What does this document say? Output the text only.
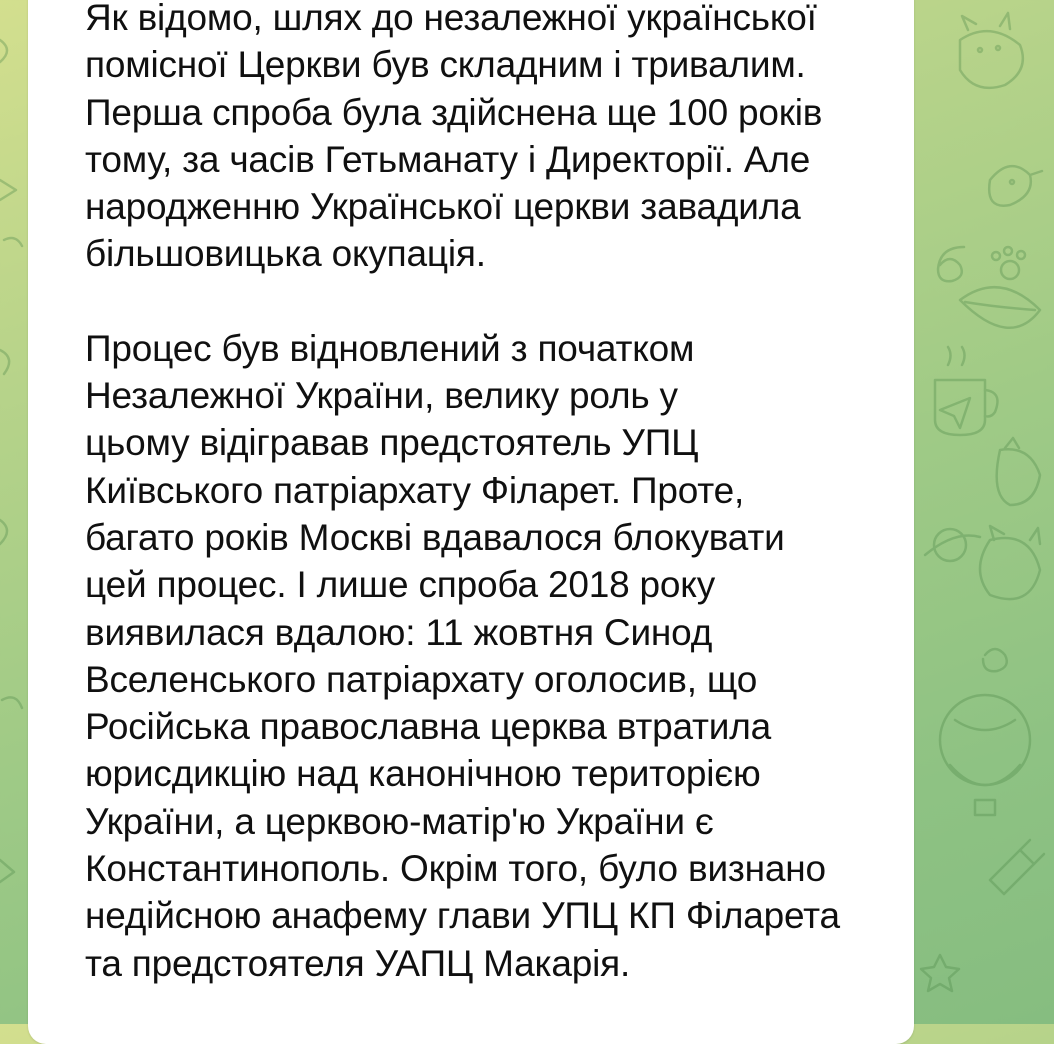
Як відомо, шлях до незалежної української
помісної Церкви був складним і тривалим.
Перша спроба була здійснена ще 100 років
тому, за часів Гетьманату і Директорії. Але
народженню Української церкви завадила
більшовицька окупація.

Процес був відновлений з початком
Незалежної України, велику роль у
цьому відігравав предстоятель УПЦ
Київського патріархату Філарет. Проте,
багато років Москві вдавалося блокувати
цей процес. І лише спроба 2018 року
виявилася вдалою: 11 жовтня Синод
Вселенського патріархату оголосив, що
Російська православна церква втратила
юрисдикцію над канонічною територією
України, а церквою-матір'ю України є
Константинополь. Окрім того, було визнано
недійсною анафему глави УПЦ КП Філарета
та предстоятеля УАПЦ Макарія.
